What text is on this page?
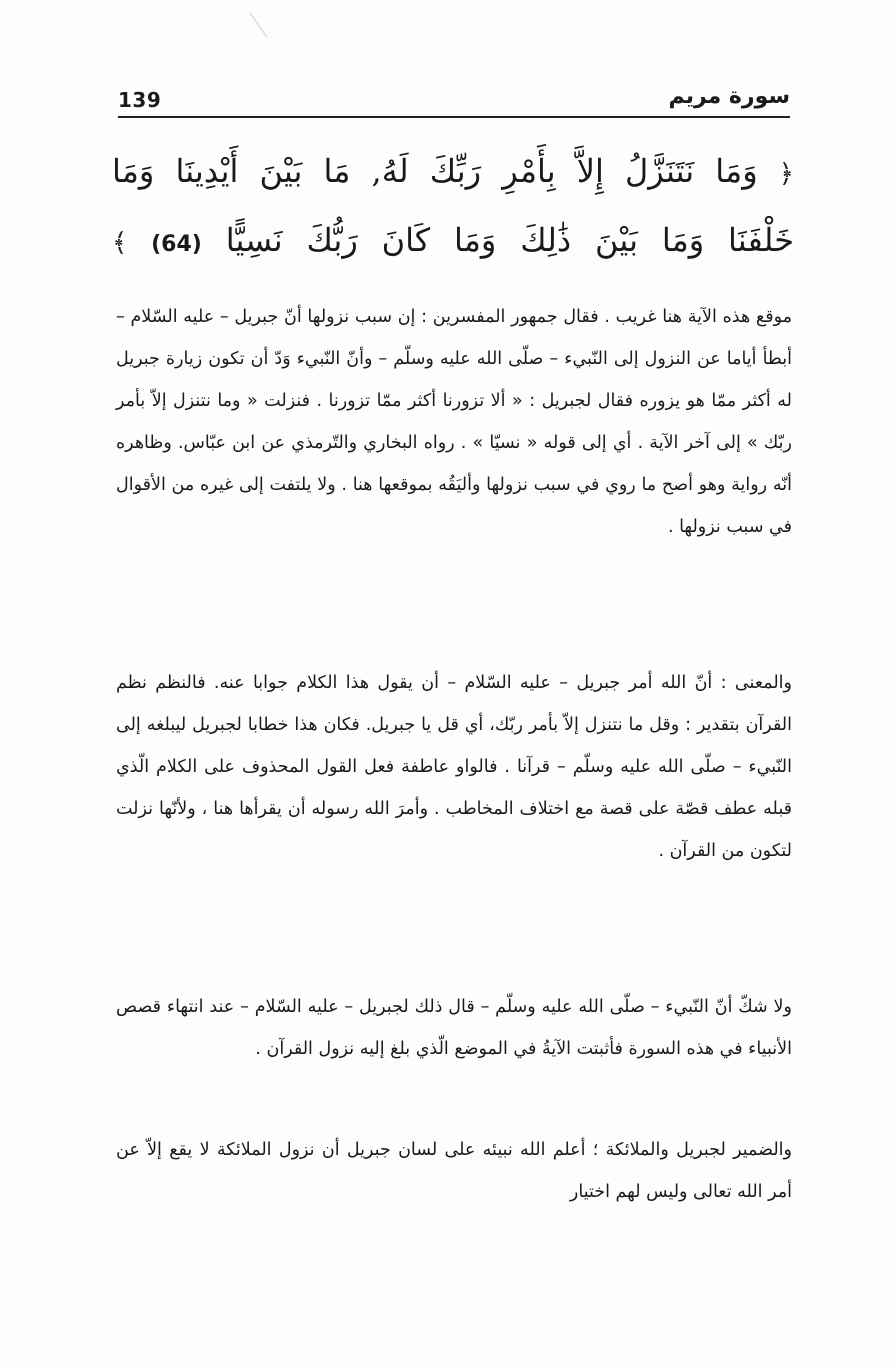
139	سورة مريم
﴿ وَمَا نَتَنَزَّلُ إِلاَّ بِأَمْرِ رَبِّكَ لَهُ, مَا بَيْنَ أَيْدِينَا وَمَا خَلْفَنَا وَمَا بَيْنَ ذَٰلِكَ وَمَا كَانَ رَبُّكَ نَسِيًّا (64) ﴾

موقع هذه الآية هنا غريب . فقال جمهور المفسرين : إن سبب نزولها أنّ جبريل – عليه السّلام – أبطأ أياما عن النزول إلى النّبيء – صلّى الله عليه وسلّم – وأنّ النّبيء وَدّ أن تكون زيارة جبريل له أكثر ممّا هو يزوره فقال لجبريل : « ألا تزورنا أكثر ممّا تزورنا . فنزلت « وما نتنزل إلاّ بأمر ربّك » إلى آخر الآية . أي إلى قوله « نسيّا » . رواه البخاري والتّرمذي عن ابن عبّاس. وظاهره أنّه رواية وهو أصح ما روي في سبب نزولها وأليَقُه بموقعها هنا . ولا يلتفت إلى غيره من الأقوال في سبب نزولها .

والمعنى : أنّ الله أمر جبريل – عليه السّلام – أن يقول هذا الكلام جوابا عنه. فالنظم نظم القرآن بتقدير : وقل ما نتنزل إلاّ بأمر ربّك، أي قل يا جبريل. فكان هذا خطابا لجبريل ليبلغه إلى النّبيء – صلّى الله عليه وسلّم – قرآنا . فالواو عاطفة فعل القول المحذوف على الكلام الّذي قبله عطف قصّة على قصة مع اختلاف المخاطب . وأمرَ الله رسوله أن يقرأها هنا ، ولأنّها نزلت لتكون من القرآن .

ولا شكّ أنّ النّبيء – صلّى الله عليه وسلّم – قال ذلك لجبريل – عليه السّلام – عند انتهاء قصص الأنبياء في هذه السورة فأثبتت الآيةُ في الموضع الّذي بلغ إليه نزول القرآن .

والضمير لجبريل والملائكة ؛ أعلم الله نبيئه على لسان جبريل أن نزول الملائكة لا يقع إلاّ عن أمر الله تعالى وليس لهم اختيار
